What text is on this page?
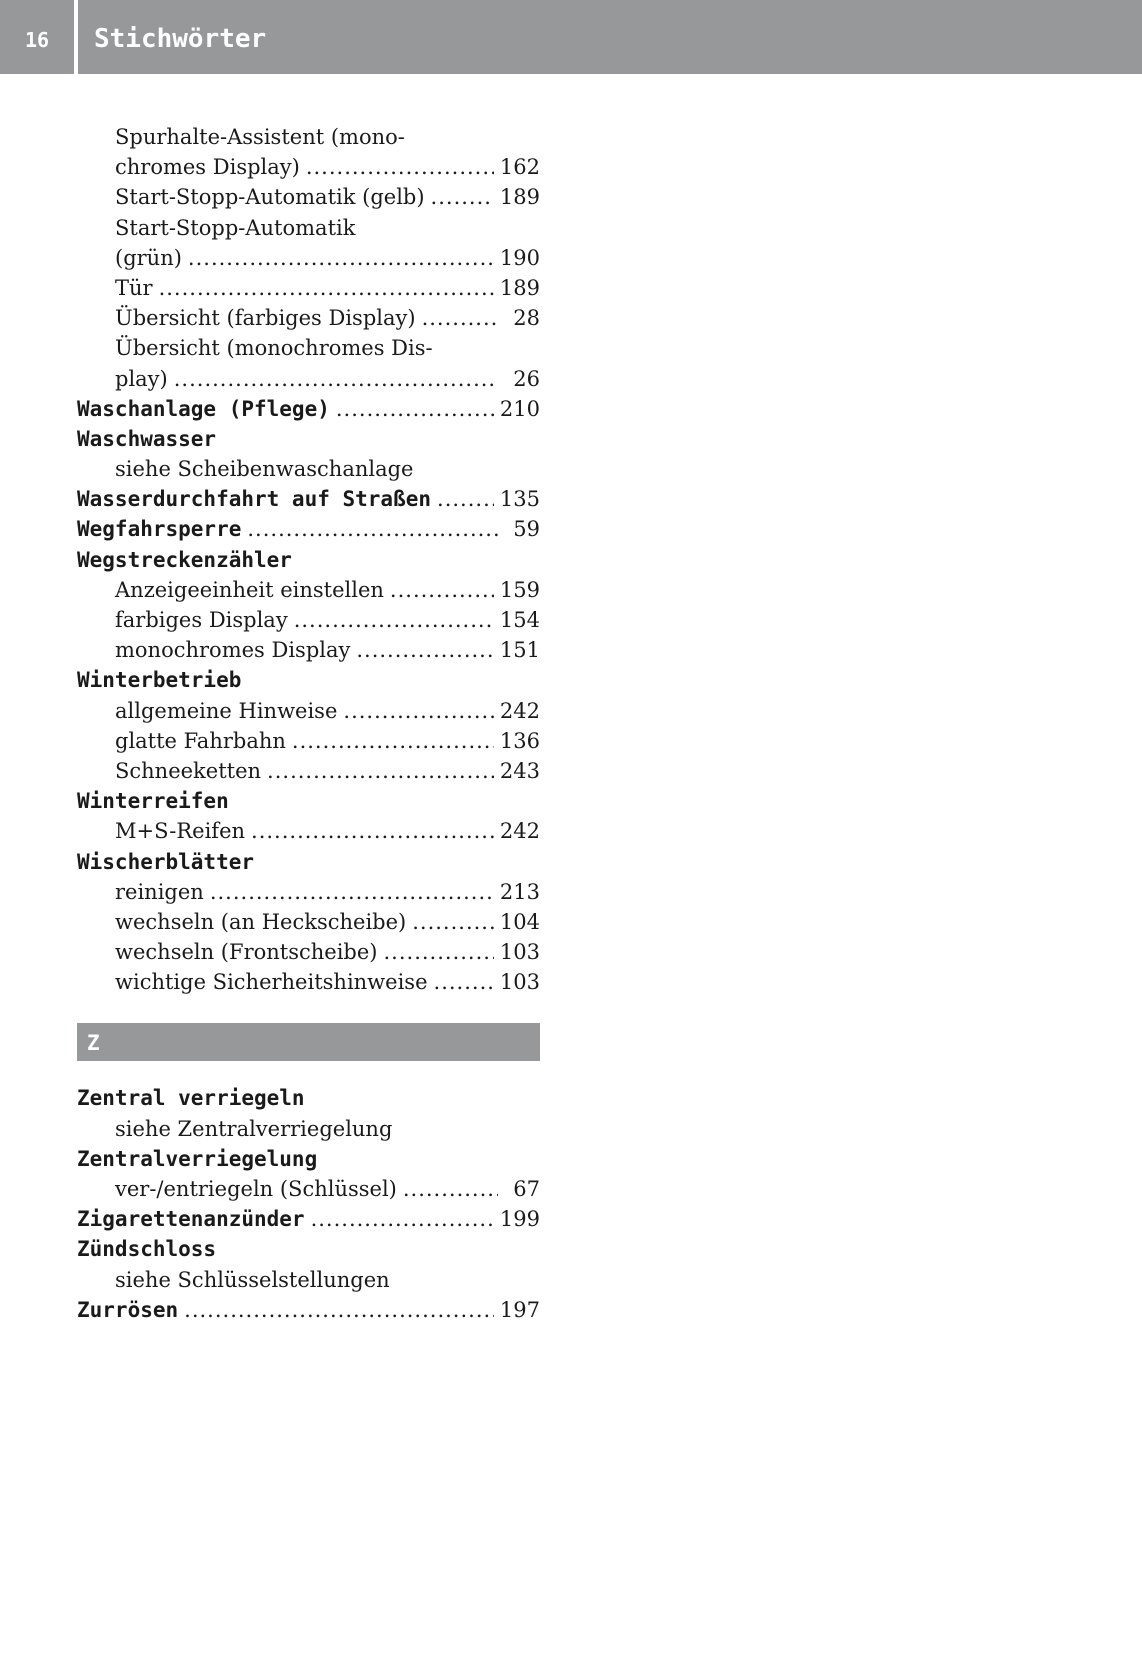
16	Stichwörter
Spurhalte-Assistent (mono-
chromes Display) .....	162
Start-Stopp-Automatik (gelb) .....	189
Start-Stopp-Automatik
(grün) .....	190
Tür .....	189
Übersicht (farbiges Display) .....	28
Übersicht (monochromes Dis-
play) .....	26
Waschanlage (Pflege) .....	210
Waschwasser
siehe Scheibenwaschanlage
Wasserdurchfahrt auf Straßen .....	135
Wegfahrsperre .....	59
Wegstreckenzähler
Anzeigeeinheit einstellen .....	159
farbiges Display .....	154
monochromes Display .....	151
Winterbetrieb
allgemeine Hinweise .....	242
glatte Fahrbahn .....	136
Schneeketten .....	243
Winterreifen
M+S-Reifen .....	242
Wischerblätter
reinigen .....	213
wechseln (an Heckscheibe) .....	104
wechseln (Frontscheibe) .....	103
wichtige Sicherheitshinweise .....	103
Z
Zentral verriegeln
siehe Zentralverriegelung
Zentralverriegelung
ver-/entriegeln (Schlüssel) .....	67
Zigarettenanzünder .....	199
Zündschloss
siehe Schlüsselstellungen
Zurrösen .....	197
